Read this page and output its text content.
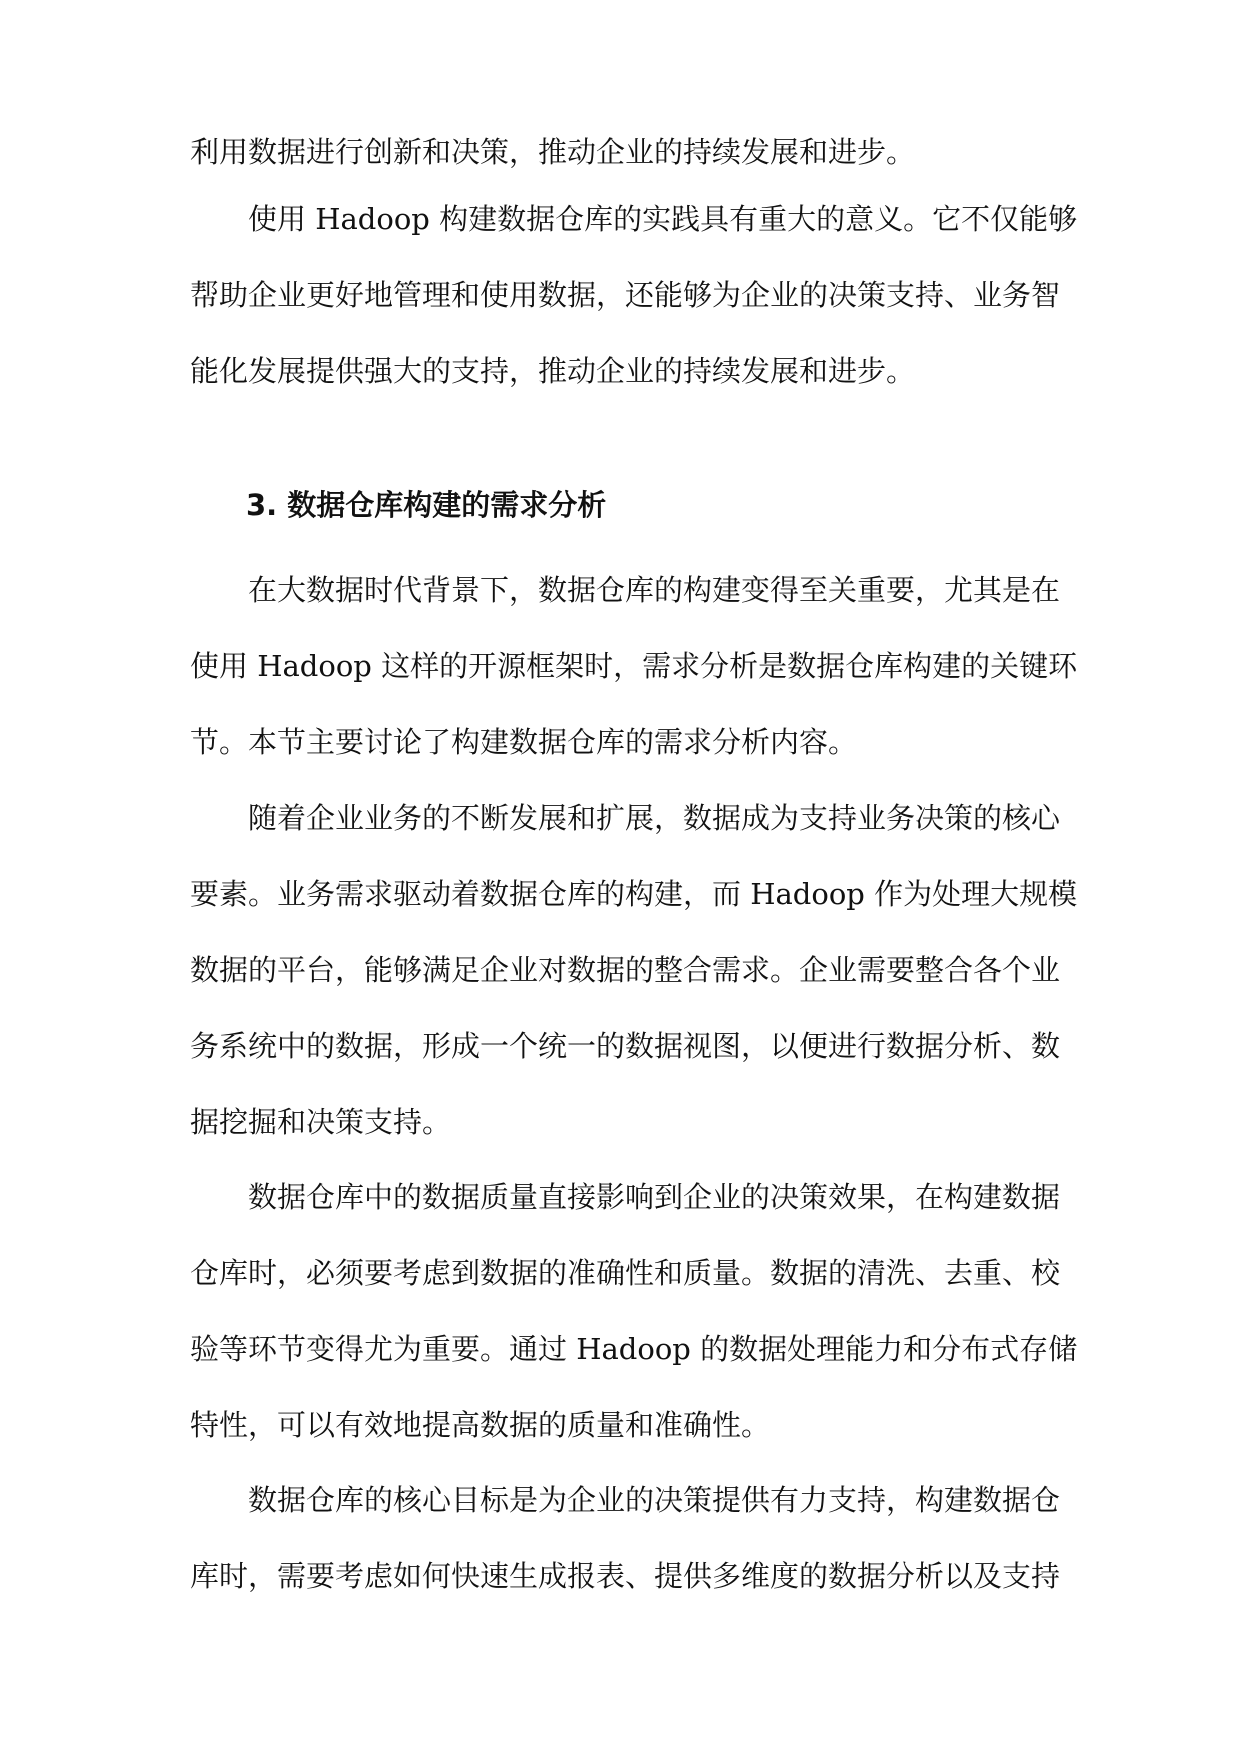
利用数据进行创新和决策，推动企业的持续发展和进步。
　　使用 Hadoop 构建数据仓库的实践具有重大的意义。它不仅能够
帮助企业更好地管理和使用数据，还能够为企业的决策支持、业务智
能化发展提供强大的支持，推动企业的持续发展和进步。
3. 数据仓库构建的需求分析
　　在大数据时代背景下，数据仓库的构建变得至关重要，尤其是在
使用 Hadoop 这样的开源框架时，需求分析是数据仓库构建的关键环
节。本节主要讨论了构建数据仓库的需求分析内容。
　　随着企业业务的不断发展和扩展，数据成为支持业务决策的核心
要素。业务需求驱动着数据仓库的构建，而 Hadoop 作为处理大规模
数据的平台，能够满足企业对数据的整合需求。企业需要整合各个业
务系统中的数据，形成一个统一的数据视图，以便进行数据分析、数
据挖掘和决策支持。
　　数据仓库中的数据质量直接影响到企业的决策效果，在构建数据
仓库时，必须要考虑到数据的准确性和质量。数据的清洗、去重、校
验等环节变得尤为重要。通过 Hadoop 的数据处理能力和分布式存储
特性，可以有效地提高数据的质量和准确性。
　　数据仓库的核心目标是为企业的决策提供有力支持，构建数据仓
库时，需要考虑如何快速生成报表、提供多维度的数据分析以及支持
